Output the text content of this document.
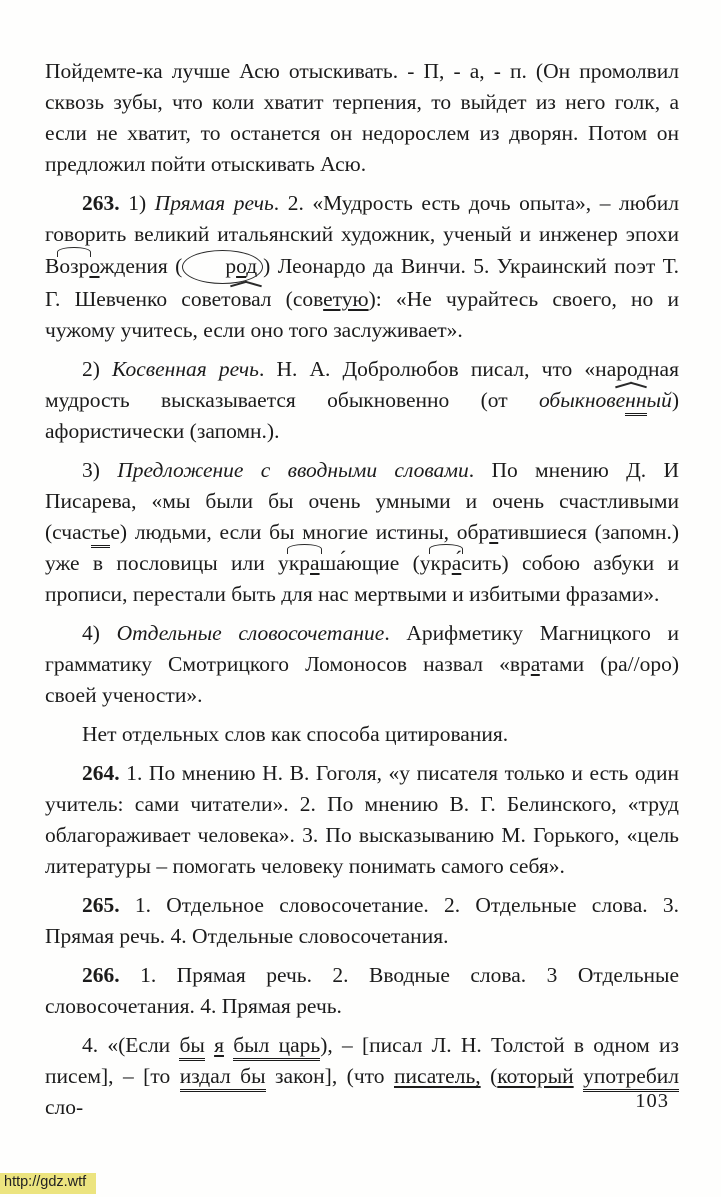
Пойдемте-ка лучше Асю отыскивать. - П, - а, - п. (Он промолвил сквозь зубы, что коли хватит терпения, то выйдет из него голк, а если не хватит, то останется он недорослем из дворян. Потом он предложил пойти отыскивать Асю.

263. 1) Прямая речь. 2. «Мудрость есть дочь опыта», – любил говорить великий итальянский художник, ученый и инженер эпохи Возрождения ( род ) Леонардо да Винчи. 5. Украинский поэт Т. Г. Шевченко советовал (советую): «Не чурайтесь своего, но и чужому учитесь, если оно того заслуживает».

2) Косвенная речь. Н. А. Добролюбов писал, что «народная мудрость высказывается обыкновенно (от обыкновенный) афористически (запомн.).

3) Предложение с вводными словами. По мнению Д. И Писарева, «мы были бы очень умными и очень счастливыми (счастье) людьми, если бы многие истины, обратившиеся (запомн.) уже в пословицы или украша́ющие (укра́сить) собою азбуки и прописи, перестали быть для нас мертвыми и избитыми фразами».

4) Отдельные словосочетание. Арифметику Магницкого и грамматику Смотрицкого Ломоносов назвал «вратами (ра//оро) своей учености».

Нет отдельных слов как способа цитирования.

264. 1. По мнению Н. В. Гоголя, «у писателя только и есть один учитель: сами читатели». 2. По мнению В. Г. Белинского, «труд облагораживает человека». 3. По высказыванию М. Горького, «цель литературы – помогать человеку понимать самого себя».

265. 1. Отдельное словосочетание. 2. Отдельные слова. 3. Прямая речь. 4. Отдельные словосочетания.

266. 1. Прямая речь. 2. Вводные слова. 3 Отдельные словосочетания. 4. Прямая речь.

4. «(Если бы я был царь), – [писал Л. Н. Толстой в одном из писем], – [то издал бы закон], (что писатель, (который употребил сло-	103
http://gdz.wtf
